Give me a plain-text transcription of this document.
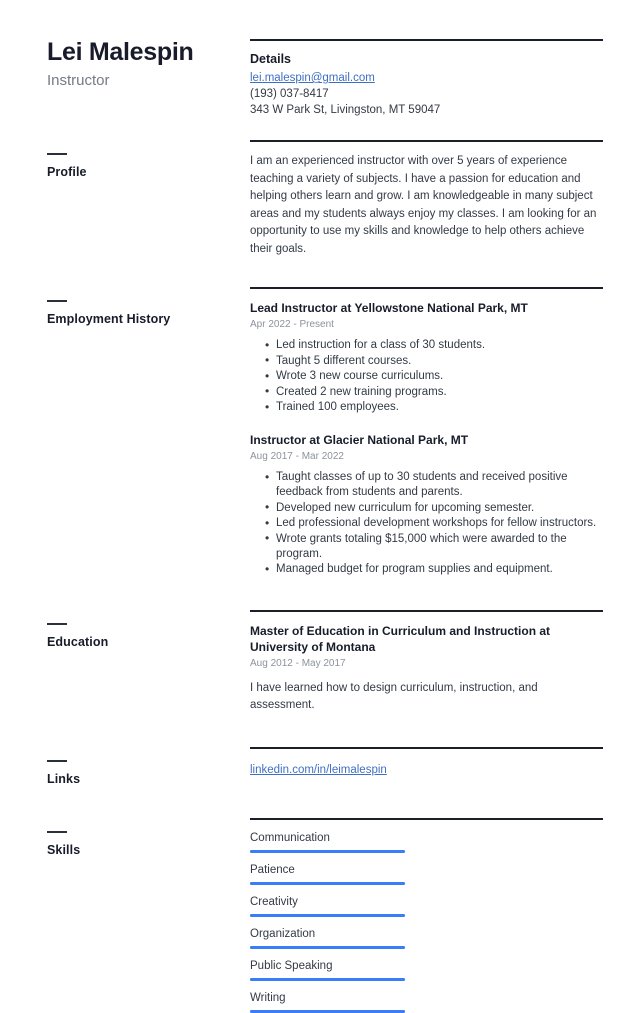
Lei Malespin
Instructor
Details
lei.malespin@gmail.com
(193) 037-8417
343 W Park St, Livingston, MT 59047
Profile

I am an experienced instructor with over 5 years of experience teaching a variety of subjects. I have a passion for education and helping others learn and grow. I am knowledgeable in many subject areas and my students always enjoy my classes. I am looking for an opportunity to use my skills and knowledge to help others achieve their goals.

Employment History
Lead Instructor at Yellowstone National Park, MT
Apr 2022 - Present
• Led instruction for a class of 30 students.
• Taught 5 different courses.
• Wrote 3 new course curriculums.
• Created 2 new training programs.
• Trained 100 employees.
Instructor at Glacier National Park, MT
Aug 2017 - Mar 2022
• Taught classes of up to 30 students and received positive feedback from students and parents.
• Developed new curriculum for upcoming semester.
• Led professional development workshops for fellow instructors.
• Wrote grants totaling $15,000 which were awarded to the program.
• Managed budget for program supplies and equipment.
Education
Master of Education in Curriculum and Instruction at University of Montana
Aug 2012 - May 2017
I have learned how to design curriculum, instruction, and assessment.
Links
linkedin.com/in/leimalespin
Skills
Communication
Patience
Creativity
Organization
Public Speaking
Writing
